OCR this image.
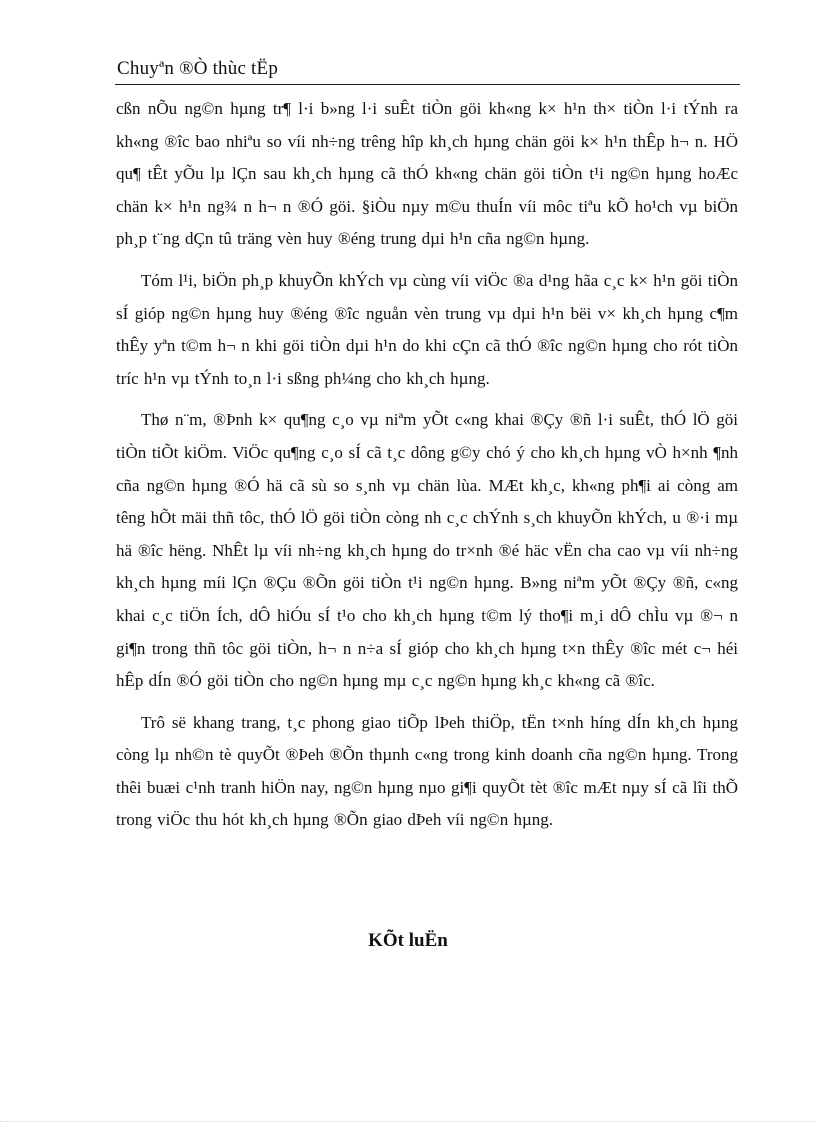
Chuyªn ®Ò thùc tËp

cßn nÕu ng©n hµng tr¶ l·i b»ng l·i suÊt tiÒn göi kh«ng k× h¹n th× tiÒn l·i tÝnh ra kh«ng ®îc bao nhiªu so víi nh÷ng trêng hîp kh¸ch hµng chän göi k× h¹n thÊp h¬ n. HÖ qu¶ tÊt yÕu lµ lÇn sau kh¸ch hµng cã thÓ kh«ng chän göi tiÒn t¹i ng©n hµng hoÆc chän k× h¹n ng¾ n h¬ n ®Ó göi. §iÒu nµy m©u thuÍn víi môc tiªu kÕ ho¹ch vµ biÖn ph¸p t¨ng dÇn tû träng vèn huy ®éng trung dµi h¹n cña ng©n hµng.

Tóm l¹i, biÖn ph¸p khuyÕn khÝch vµ cùng víi viÖc ®a d¹ng hãa c¸c k× h¹n göi tiÒn sÍ gióp ng©n hµng huy ®éng ®îc nguån vèn trung vµ dµi h¹n bëi v× kh¸ch hµng c¶m thÊy yªn t©m h¬ n khi göi tiÒn dµi h¹n do khi cÇn cã thÓ ®îc ng©n hµng cho rót tiÒn tríc h¹n vµ tÝnh to¸n l·i sßng ph¼ng cho kh¸ch hµng.

Thø n¨m, ®Þnh k× qu¶ng c¸o vµ niªm yÕt c«ng khai ®Çy ®ñ l·i suÊt, thÓ lÖ göi tiÒn tiÕt kiÖm. ViÖc qu¶ng c¸o sÍ cã t¸c dông g©y chó ý cho kh¸ch hµng vÒ h×nh ¶nh cña ng©n hµng ®Ó hä cã sù so s¸nh vµ chän lùa. MÆt kh¸c, kh«ng ph¶i ai còng am têng hÕt mäi thñ tôc, thÓ lÖ göi tiÒn còng nh c¸c chÝnh s¸ch khuyÕn khÝch, u ®·i mµ hä ®îc hëng. NhÊt lµ víi nh÷ng kh¸ch hµng do tr×nh ®é häc vËn cha cao vµ víi nh÷ng kh¸ch hµng míi lÇn ®Çu ®Õn göi tiÒn t¹i ng©n hµng. B»ng niªm yÕt ®Çy ®ñ, c«ng khai c¸c tiÖn Ích, dÔ hiÓu sÍ t¹o cho kh¸ch hµng t©m lý tho¶i m¸i dÔ chÌu vµ ®¬ n gi¶n trong thñ tôc göi tiÒn, h¬ n n÷a sÍ gióp cho kh¸ch hµng t×n thÊy ®îc mét c¬ héi hÊp dÍn ®Ó göi tiÒn cho ng©n hµng mµ c¸c ng©n hµng kh¸c kh«ng cã ®îc.

Trô së khang trang, t¸c phong giao tiÕp lÞeh thiÖp, tËn t×nh híng dÍn kh¸ch hµng còng lµ nh©n tè quyÕt ®Þeh ®Õn thµnh c«ng trong kinh doanh cña ng©n hµng. Trong thêi buæi c¹nh tranh hiÖn nay, ng©n hµng nµo gi¶i quyÕt tèt ®îc mÆt nµy sÍ cã lîi thÕ trong viÖc thu hót kh¸ch hµng ®Õn giao dÞeh víi ng©n hµng.

KÕt luËn
